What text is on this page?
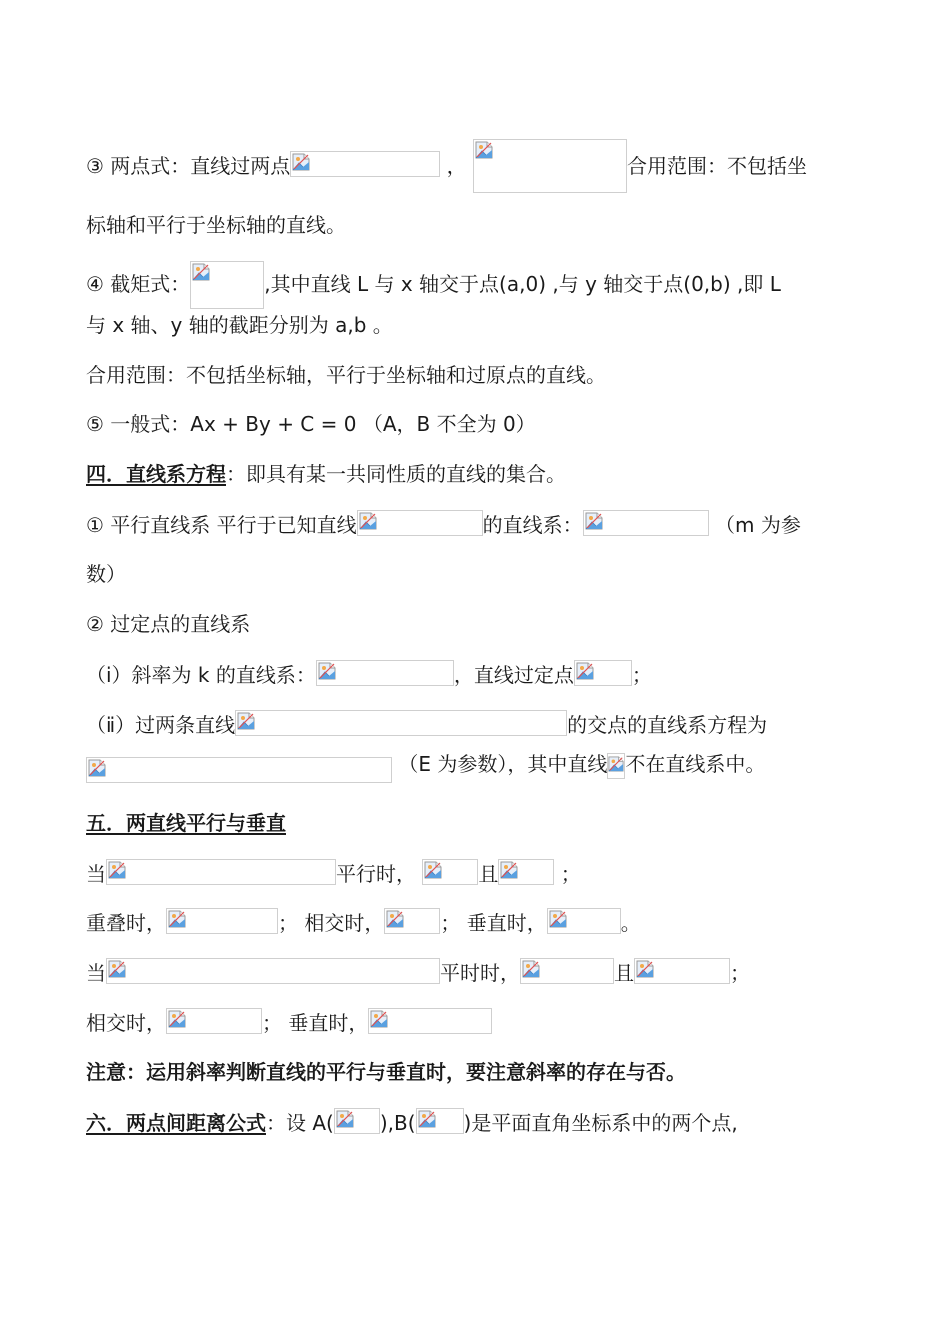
③ 两点式：直线过两点	，	合用范围：不包括坐
标轴和平行于坐标轴的直线。
④ 截矩式：	,其中直线 L 与 x 轴交于点(a,0) ,与 y 轴交于点(0,b) ,即 L
与 x 轴、y 轴的截距分别为 a,b 。
合用范围：不包括坐标轴，平行于坐标轴和过原点的直线。
⑤ 一般式：Ax + By + C = 0 （A，B 不全为 0）
四．直线系方程：即具有某一共同性质的直线的集合。
① 平行直线系 平行于已知直线	的直线系：	（m 为参
数）
② 过定点的直线系
（ⅰ）斜率为 k 的直线系：	，直线过定点	；
（ⅱ）过两条直线	的交点的直线系方程为
（E 为参数），其中直线 不在直线系中。
五．两直线平行与垂直
当	平行时，	且	；
重叠时，	； 相交时，	； 垂直时，	。
当	平时时，	且	；
相交时，	； 垂直时，
注意：运用斜率判断直线的平行与垂直时，要注意斜率的存在与否。
六．两点间距离公式：设 A( ),B( )是平面直角坐标系中的两个点,
